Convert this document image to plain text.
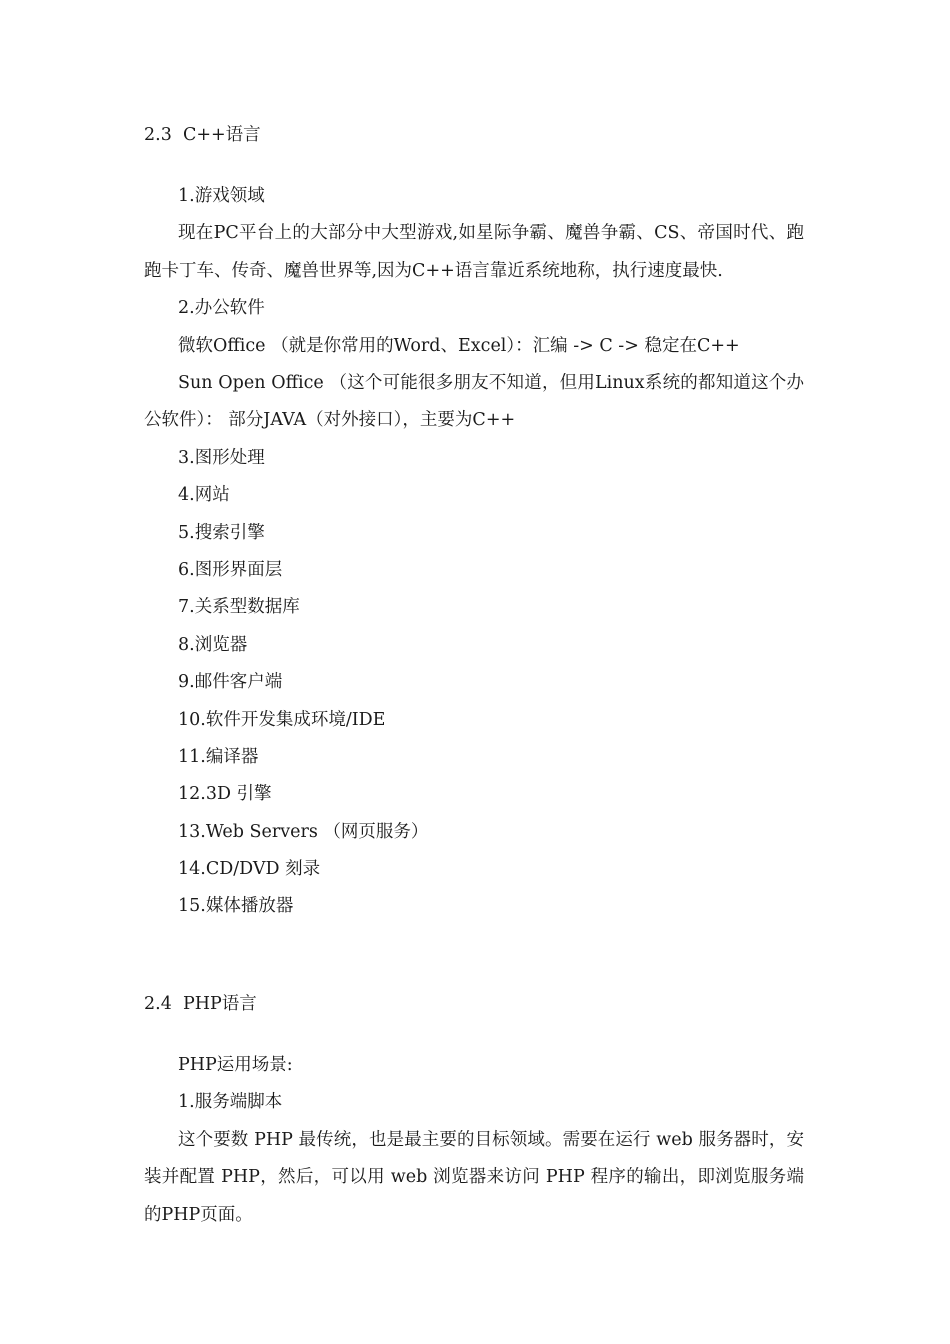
2.3  C++语言
1.游戏领域
现在PC平台上的大部分中大型游戏,如星际争霸、魔兽争霸、CS、帝国时代、跑跑卡丁车、传奇、魔兽世界等,因为C++语言靠近系统地称，执行速度最快.
2.办公软件
微软Office （就是你常用的Word、Excel）：汇编 -> C -> 稳定在C++
Sun Open Office （这个可能很多朋友不知道，但用Linux系统的都知道这个办公软件）： 部分JAVA（对外接口），主要为C++
3.图形处理
4.网站
5.搜索引擎
6.图形界面层
7.关系型数据库
8.浏览器
9.邮件客户端
10.软件开发集成环境/IDE
11.编译器
12.3D 引擎
13.Web Servers （网页服务）
14.CD/DVD 刻录
15.媒体播放器
2.4  PHP语言
PHP运用场景:
1.服务端脚本
这个要数 PHP 最传统，也是最主要的目标领域。需要在运行 web 服务器时，安装并配置 PHP，然后，可以用 web 浏览器来访问 PHP 程序的输出，即浏览服务端的PHP页面。
